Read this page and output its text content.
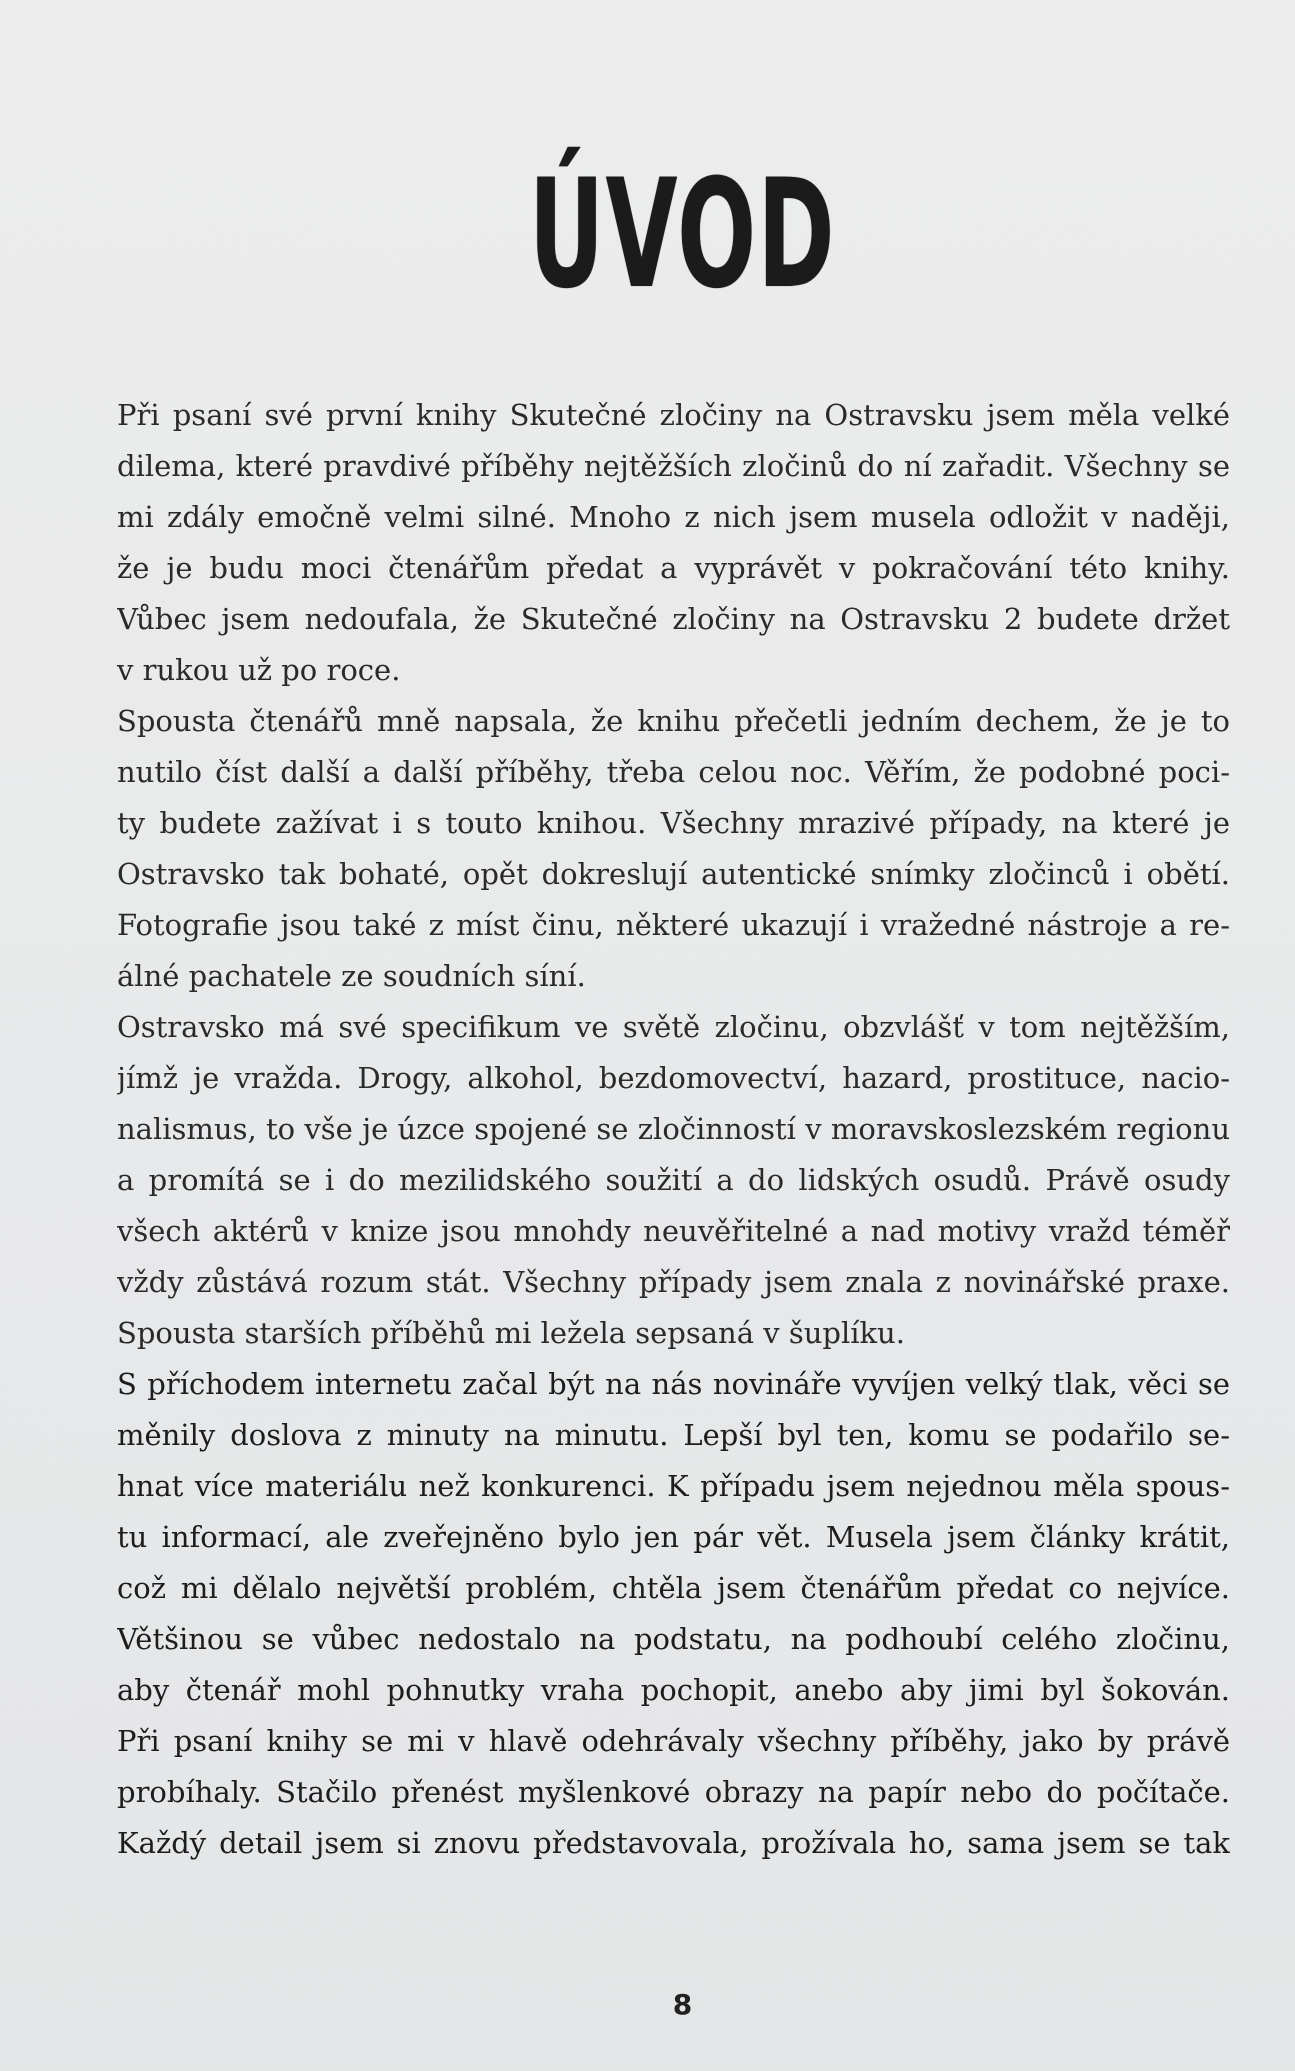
ÚVOD
Při psaní své první knihy Skutečné zločiny na Ostravsku jsem měla velké
dilema, které pravdivé příběhy nejtěžších zločinů do ní zařadit. Všechny se
mi zdály emočně velmi silné. Mnoho z nich jsem musela odložit v naději,
že je budu moci čtenářům předat a vyprávět v pokračování této knihy.
Vůbec jsem nedoufala, že Skutečné zločiny na Ostravsku 2 budete držet
v rukou už po roce.
Spousta čtenářů mně napsala, že knihu přečetli jedním dechem, že je to
nutilo číst další a další příběhy, třeba celou noc. Věřím, že podobné poci-
ty budete zažívat i s touto knihou. Všechny mrazivé případy, na které je
Ostravsko tak bohaté, opět dokreslují autentické snímky zločinců i obětí.
Fotografie jsou také z míst činu, některé ukazují i vražedné nástroje a re-
álné pachatele ze soudních síní.
Ostravsko má své specifikum ve světě zločinu, obzvlášť v tom nejtěžším,
jímž je vražda. Drogy, alkohol, bezdomovectví, hazard, prostituce, nacio-
nalismus, to vše je úzce spojené se zločinností v moravskoslezském regionu
a promítá se i do mezilidského soužití a do lidských osudů. Právě osudy
všech aktérů v knize jsou mnohdy neuvěřitelné a nad motivy vražd téměř
vždy zůstává rozum stát. Všechny případy jsem znala z novinářské praxe.
Spousta starších příběhů mi ležela sepsaná v šuplíku.
S příchodem internetu začal být na nás novináře vyvíjen velký tlak, věci se
měnily doslova z minuty na minutu. Lepší byl ten, komu se podařilo se-
hnat více materiálu než konkurenci. K případu jsem nejednou měla spous-
tu informací, ale zveřejněno bylo jen pár vět. Musela jsem články krátit,
což mi dělalo největší problém, chtěla jsem čtenářům předat co nejvíce.
Většinou se vůbec nedostalo na podstatu, na podhoubí celého zločinu,
aby čtenář mohl pohnutky vraha pochopit, anebo aby jimi byl šokován.
Při psaní knihy se mi v hlavě odehrávaly všechny příběhy, jako by právě
probíhaly. Stačilo přenést myšlenkové obrazy na papír nebo do počítače.
Každý detail jsem si znovu představovala, prožívala ho, sama jsem se tak
8
